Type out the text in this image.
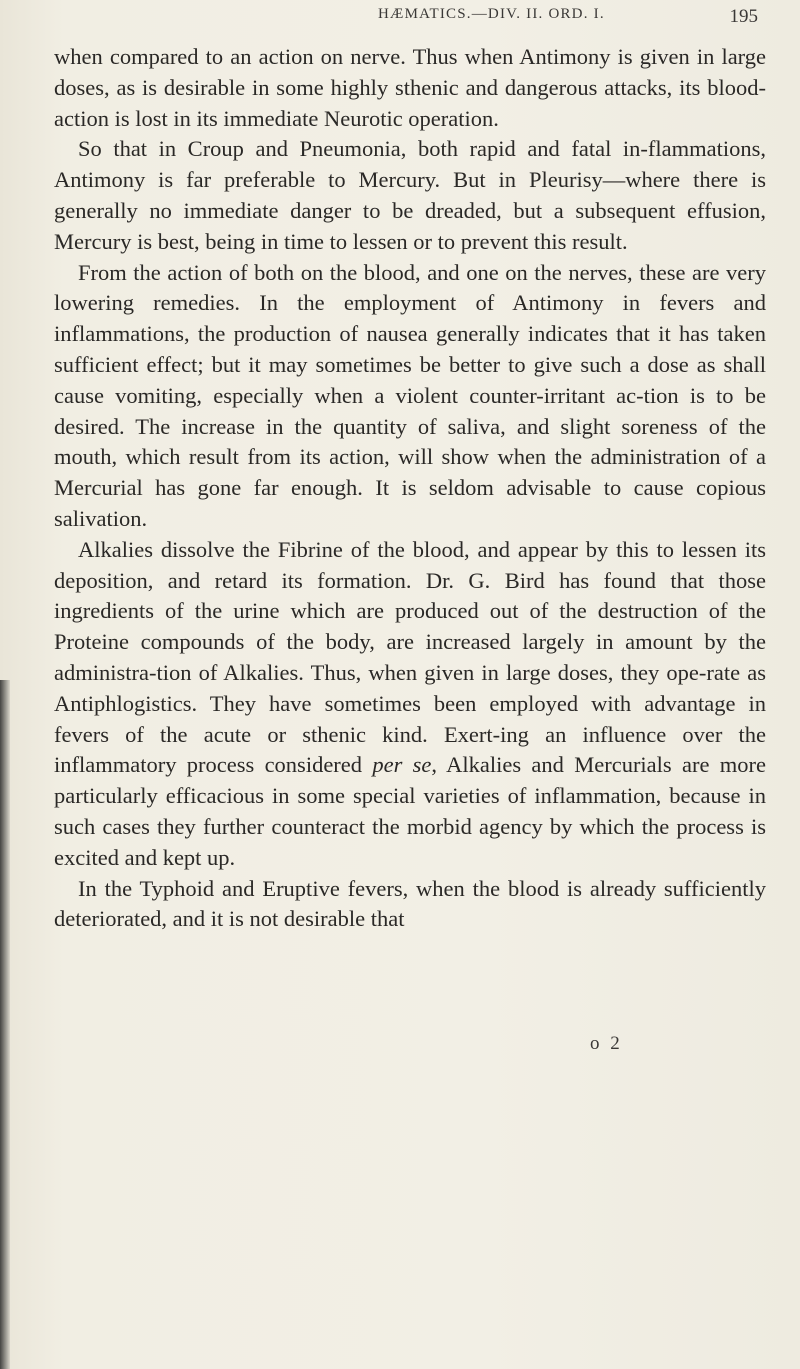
HÆMATICS.—DIV. II. ORD. I.	195

when compared to an action on nerve. Thus when Antimony is given in large doses, as is desirable in some highly sthenic and dangerous attacks, its blood-action is lost in its immediate Neurotic operation.

So that in Croup and Pneumonia, both rapid and fatal in-flammations, Antimony is far preferable to Mercury. But in Pleurisy—where there is generally no immediate danger to be dreaded, but a subsequent effusion, Mercury is best, being in time to lessen or to prevent this result.

From the action of both on the blood, and one on the nerves, these are very lowering remedies. In the employment of Antimony in fevers and inflammations, the production of nausea generally indicates that it has taken sufficient effect; but it may sometimes be better to give such a dose as shall cause vomiting, especially when a violent counter-irritant ac-tion is to be desired. The increase in the quantity of saliva, and slight soreness of the mouth, which result from its action, will show when the administration of a Mercurial has gone far enough. It is seldom advisable to cause copious salivation.

Alkalies dissolve the Fibrine of the blood, and appear by this to lessen its deposition, and retard its formation. Dr. G. Bird has found that those ingredients of the urine which are produced out of the destruction of the Proteine compounds of the body, are increased largely in amount by the administra-tion of Alkalies. Thus, when given in large doses, they ope-rate as Antiphlogistics. They have sometimes been employed with advantage in fevers of the acute or sthenic kind. Exert-ing an influence over the inflammatory process considered per se, Alkalies and Mercurials are more particularly efficacious in some special varieties of inflammation, because in such cases they further counteract the morbid agency by which the process is excited and kept up.

In the Typhoid and Eruptive fevers, when the blood is already sufficiently deteriorated, and it is not desirable that

o 2
